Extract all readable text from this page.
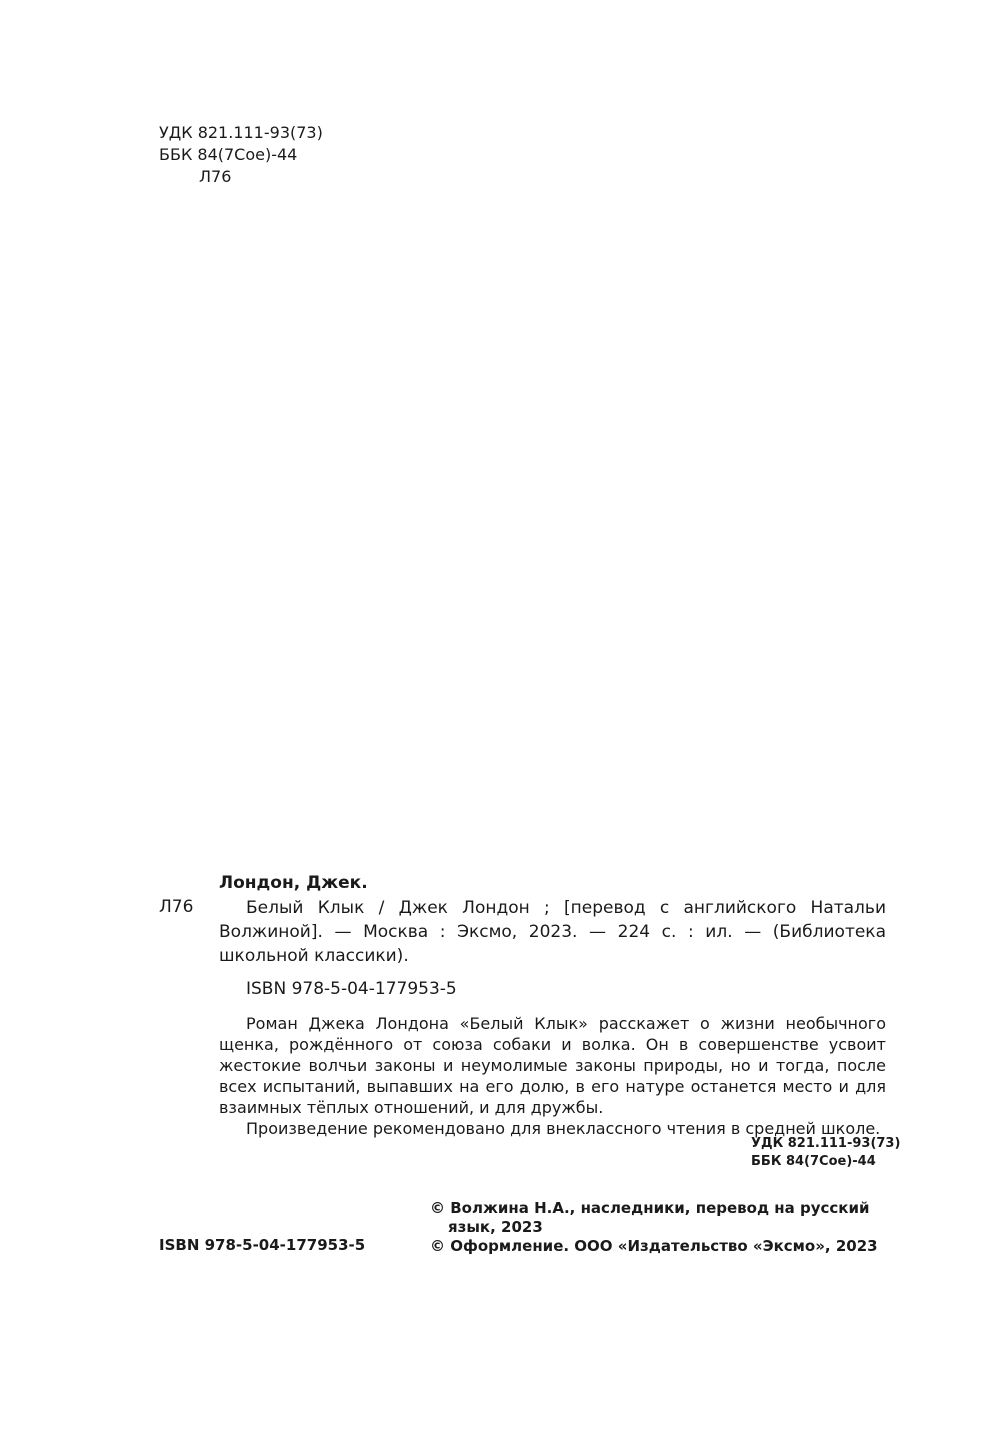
УДК 821.111-93(73)
ББК 84(7Сое)-44
Л76
Лондон, Джек.
Л76	Белый Клык / Джек Лондон ; [перевод с английского Натальи Волжиной]. — Москва : Эксмо, 2023. — 224 с. : ил. — (Библиотека школьной классики).

ISBN 978-5-04-177953-5

Роман Джека Лондона «Белый Клык» расскажет о жизни необычного щенка, рождённого от союза собаки и волка. Он в совершенстве усвоит жестокие волчьи законы и неумолимые законы природы, но и тогда, после всех испытаний, выпавших на его долю, в его натуре останется место и для взаимных тёплых отношений, и для дружбы.

Произведение рекомендовано для внеклассного чтения в средней школе.

УДК 821.111-93(73)
ББК 84(7Сое)-44
© Волжина Н.А., наследники, перевод на русский язык, 2023
© Оформление. ООО «Издательство «Эксмо», 2023
ISBN 978-5-04-177953-5
